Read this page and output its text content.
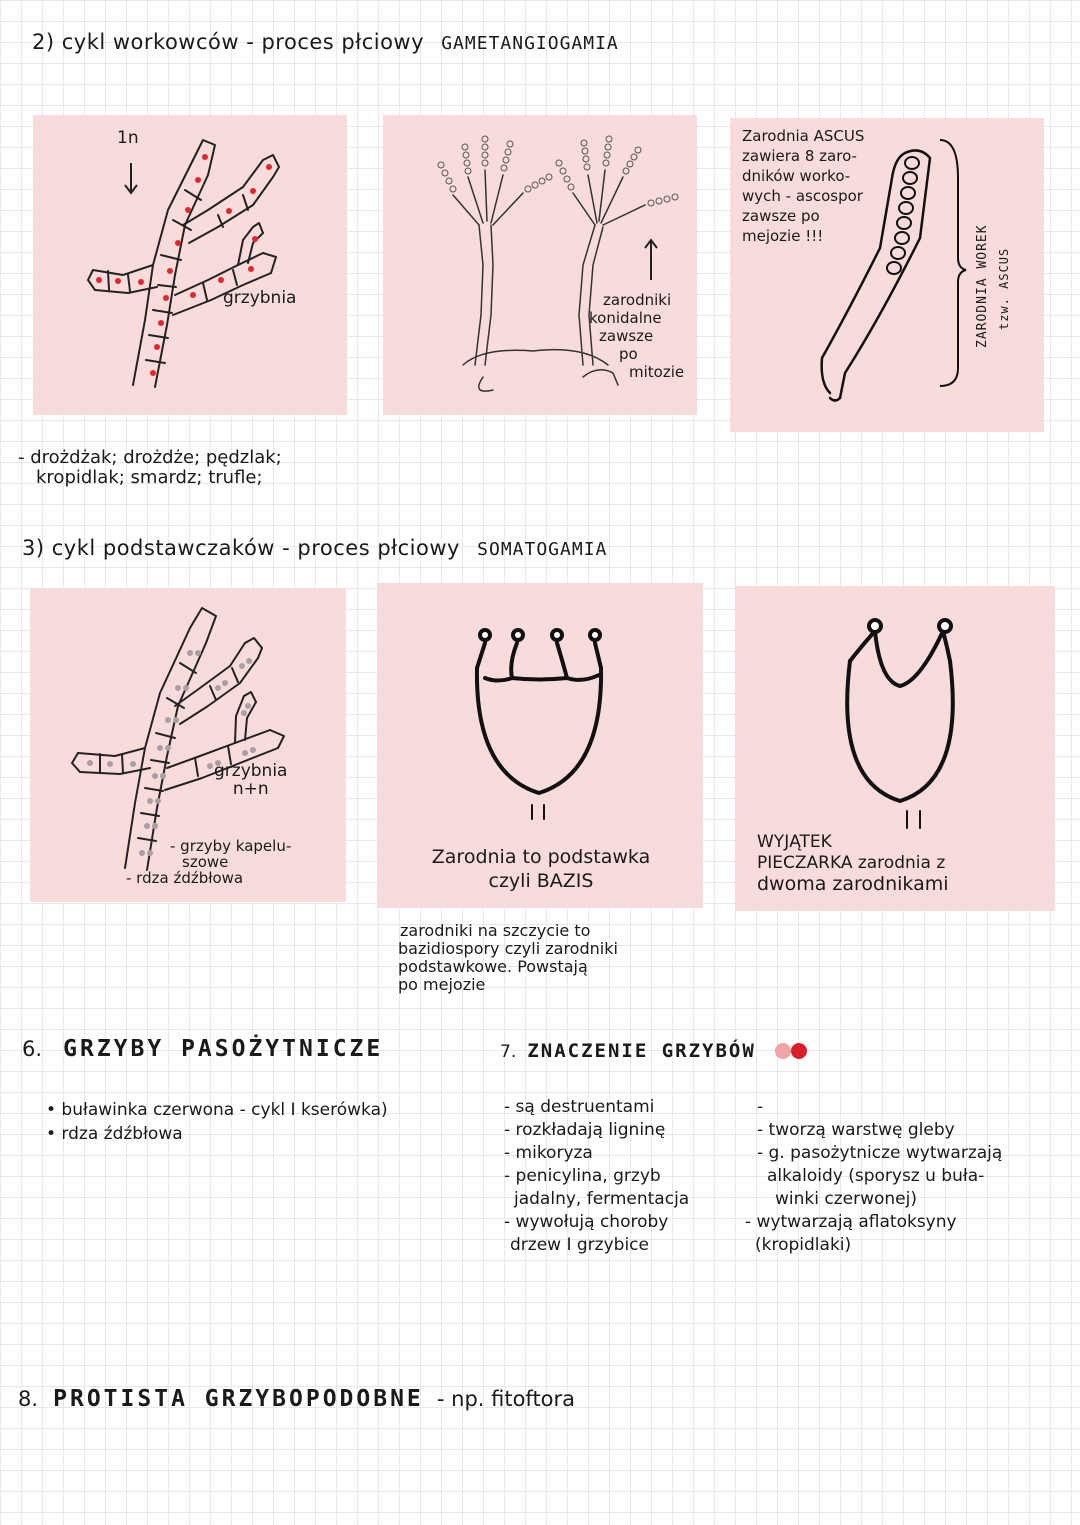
2) cykl workowców - proces płciowy GAMETANGIOGAMIA
1n
grzybnia	zarodniki
konidalne
zawsze
po
mitozie
Zarodnia ASCUS
zawiera 8 zaro-
dników worko-
wych - ascospor
zawsze po
mejozie !!!	ZARODNIA WOREK tzw. ASCUS
- drożdżak; drożdże; pędzlak;
kropidlak; smardz; trufle;
3) cykl podstawczaków - proces płciowy SOMATOGAMIA
grzybnia
n+n
- grzyby kapelu-
szowe
- rdza źdźbłowa
Zarodnia to podstawka
czyli BAZIS
WYJĄTEK
PIECZARKA zarodnia z
dwoma zarodnikami
zarodniki na szczycie to
bazidiospory czyli zarodniki
podstawkowe. Powstają
po mejozie
6. GRZYBY PASOŻYTNICZE
• buławinka czerwona - cykl I kserówka)
• rdza źdźbłowa
7. ZNACZENIE GRZYBÓW
- są destruentami
- rozkładają ligninę
- mikoryza
- penicylina, grzyb
jadalny, fermentacja
- wywołują choroby
drzew I grzybice
-
- tworzą warstwę gleby
- g. pasożytnicze wytwarzają
alkaloidy (sporysz u buła-
winki czerwonej)
- wytwarzają aflatoksyny
(kropidlaki)
8. PROTISTA GRZYBOPODOBNE - np. fitoftora
